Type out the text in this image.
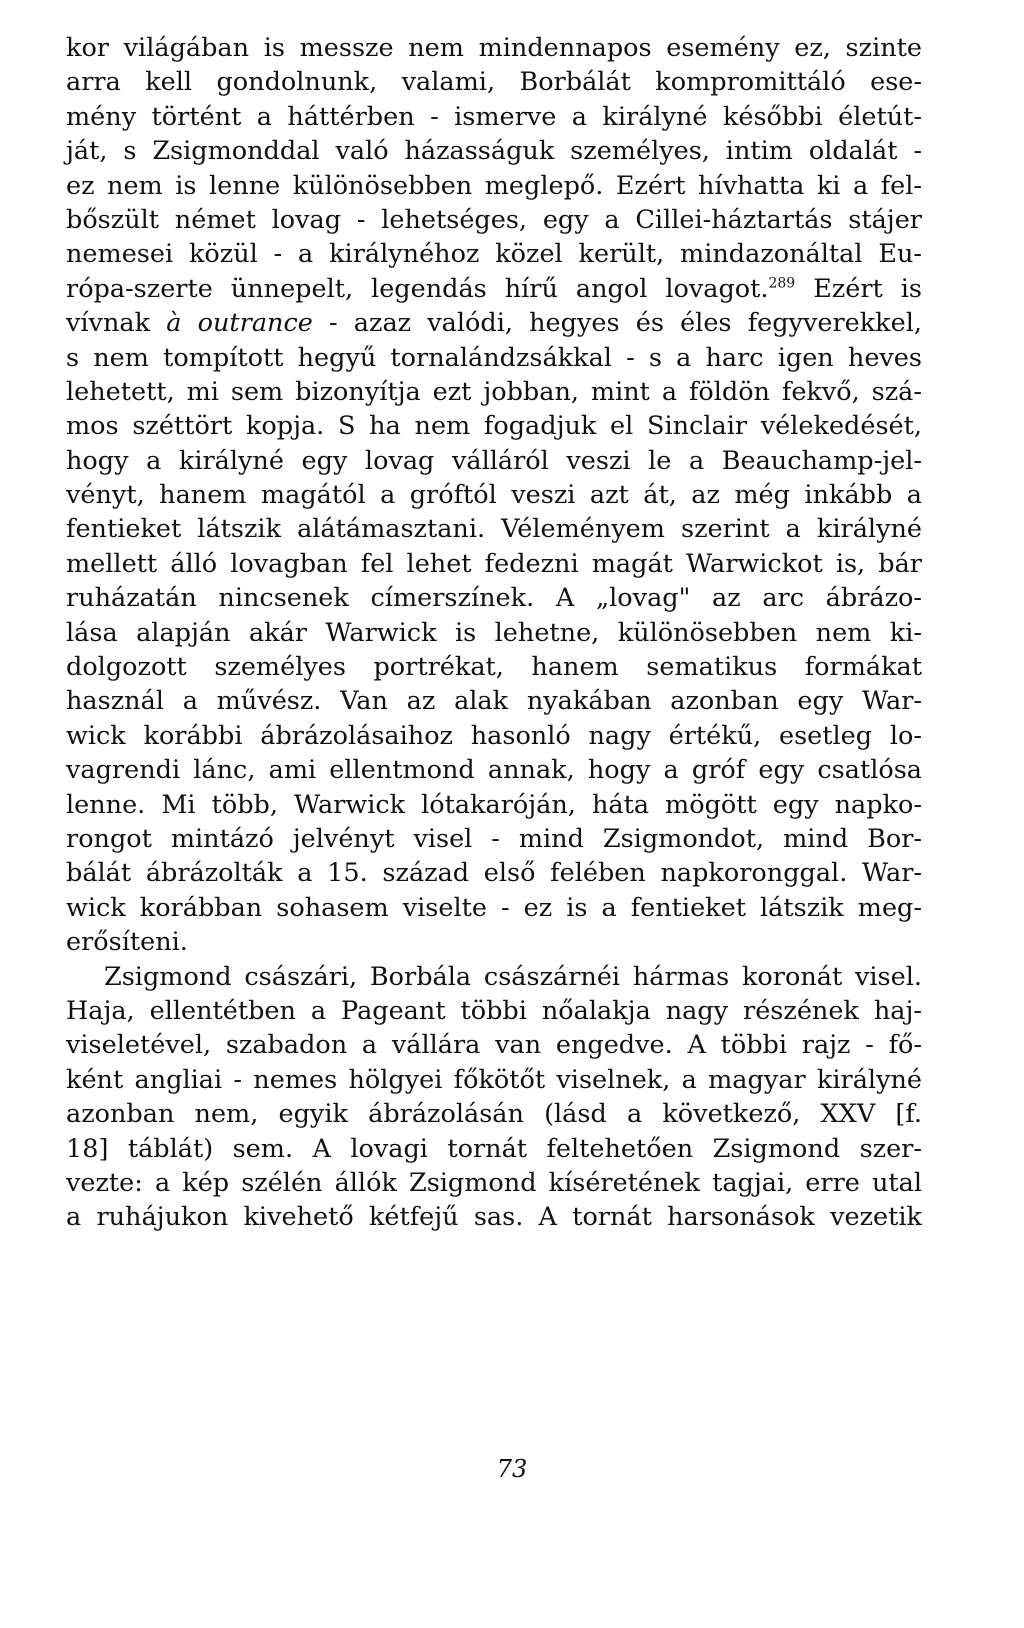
kor világában is messze nem mindennapos esemény ez, szinte
arra kell gondolnunk, valami, Borbálát kompromittáló ese-
mény történt a háttérben - ismerve a királyné későbbi életút-
ját, s Zsigmonddal való házasságuk személyes, intim oldalát -
ez nem is lenne különösebben meglepő. Ezért hívhatta ki a fel-
bőszült német lovag - lehetséges, egy a Cillei-háztartás stájer
nemesei közül - a királynéhoz közel került, mindazonáltal Eu-
rópa-szerte ünnepelt, legendás hírű angol lovagot.$^{289}$ Ezért is
vívnak à outrance - azaz valódi, hegyes és éles fegyverekkel,
s nem tompított hegyű tornalándzsákkal - s a harc igen heves
lehetett, mi sem bizonyítja ezt jobban, mint a földön fekvő, szá-
mos széttört kopja. S ha nem fogadjuk el Sinclair vélekedését,
hogy a királyné egy lovag válláról veszi le a Beauchamp-jel-
vényt, hanem magától a gróftól veszi azt át, az még inkább a
fentieket látszik alátámasztani. Véleményem szerint a királyné
mellett álló lovagban fel lehet fedezni magát Warwickot is, bár
ruházatán nincsenek címerszínek. A „lovag" az arc ábrázo-
lása alapján akár Warwick is lehetne, különösebben nem ki-
dolgozott személyes portrékat, hanem sematikus formákat
használ a művész. Van az alak nyakában azonban egy War-
wick korábbi ábrázolásaihoz hasonló nagy értékű, esetleg lo-
vagrendi lánc, ami ellentmond annak, hogy a gróf egy csatlósa
lenne. Mi több, Warwick lótakaróján, háta mögött egy napko-
rongot mintázó jelvényt visel - mind Zsigmondot, mind Bor-
bálát ábrázolták a 15. század első felében napkoronggal. War-
wick korábban sohasem viselte - ez is a fentieket látszik meg-
erősíteni.
Zsigmond császári, Borbála császárnéi hármas koronát visel.
Haja, ellentétben a Pageant többi nőalakja nagy részének haj-
viseletével, szabadon a vállára van engedve. A többi rajz - fő-
ként angliai - nemes hölgyei főkötőt viselnek, a magyar királyné
azonban nem, egyik ábrázolásán (lásd a következő, XXV [f.
18] táblát) sem. A lovagi tornát feltehetően Zsigmond szer-
vezte: a kép szélén állók Zsigmond kíséretének tagjai, erre utal
a ruhájukon kivehető kétfejű sas. A tornát harsonások vezetik
73
